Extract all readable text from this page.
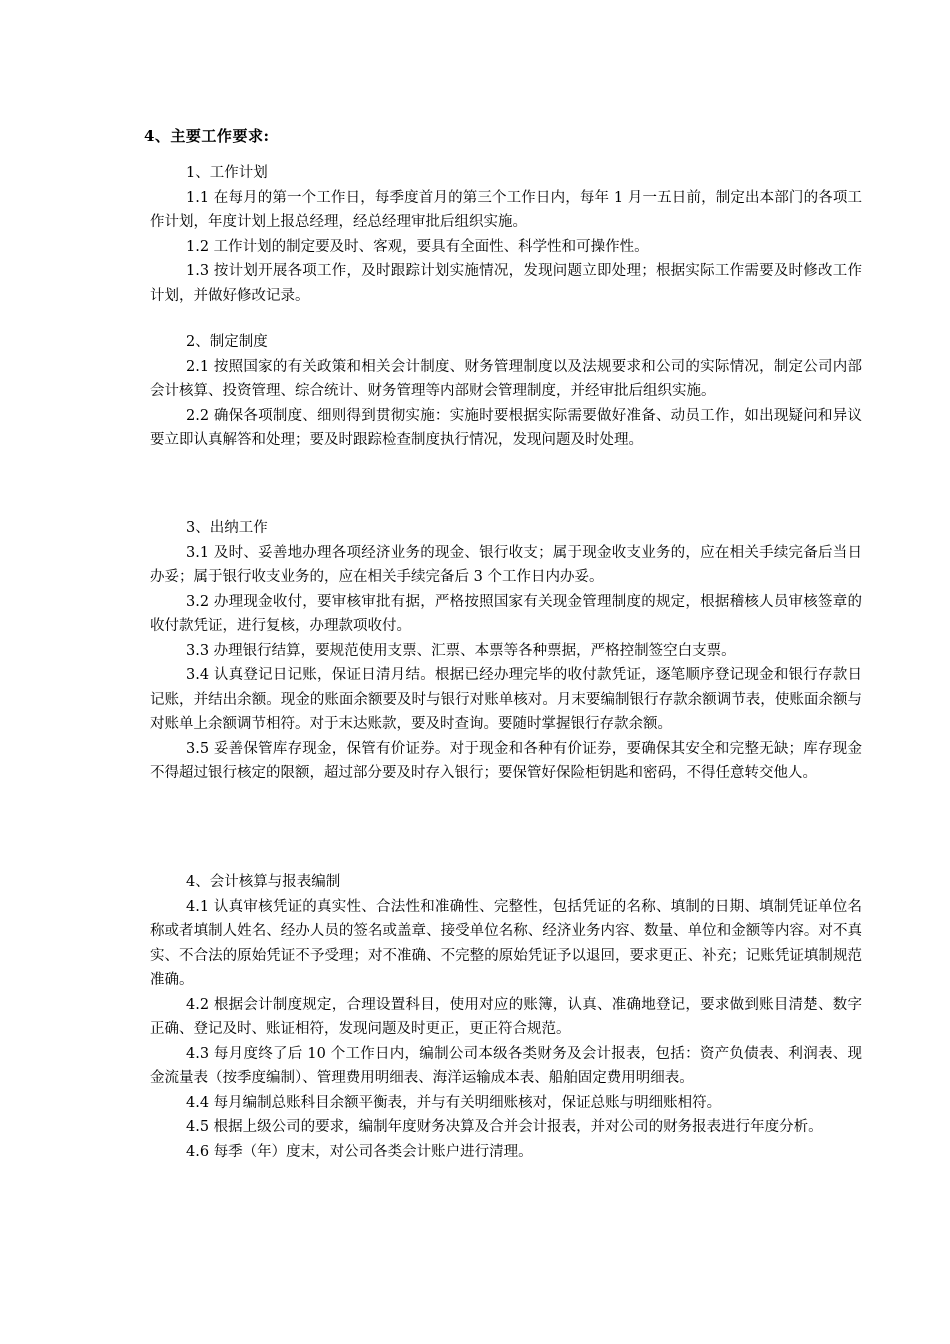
4、主要工作要求:
1、工作计划

1.1 在每月的第一个工作日，每季度首月的第三个工作日内，每年 1 月一五日前，制定出本部门的各项工作计划，年度计划上报总经理，经总经理审批后组织实施。

1.2 工作计划的制定要及时、客观，要具有全面性、科学性和可操作性。

1.3 按计划开展各项工作，及时跟踪计划实施情况，发现问题立即处理；根据实际工作需要及时修改工作计划，并做好修改记录。

2、制定制度

2.1 按照国家的有关政策和相关会计制度、财务管理制度以及法规要求和公司的实际情况，制定公司内部会计核算、投资管理、综合统计、财务管理等内部财会管理制度，并经审批后组织实施。

2.2 确保各项制度、细则得到贯彻实施：实施时要根据实际需要做好准备、动员工作，如出现疑问和异议要立即认真解答和处理；要及时跟踪检查制度执行情况，发现问题及时处理。

3、出纳工作

3.1 及时、妥善地办理各项经济业务的现金、银行收支；属于现金收支业务的，应在相关手续完备后当日办妥；属于银行收支业务的，应在相关手续完备后 3 个工作日内办妥。

3.2 办理现金收付，要审核审批有据，严格按照国家有关现金管理制度的规定，根据稽核人员审核签章的收付款凭证，进行复核，办理款项收付。

3.3 办理银行结算，要规范使用支票、汇票、本票等各种票据，严格控制签空白支票。

3.4 认真登记日记账，保证日清月结。根据已经办理完毕的收付款凭证，逐笔顺序登记现金和银行存款日记账，并结出余额。现金的账面余额要及时与银行对账单核对。月末要编制银行存款余额调节表，使账面余额与对账单上余额调节相符。对于末达账款，要及时查询。要随时掌握银行存款余额。

3.5 妥善保管库存现金，保管有价证券。对于现金和各种有价证券，要确保其安全和完整无缺；库存现金不得超过银行核定的限额，超过部分要及时存入银行；要保管好保险柜钥匙和密码，不得任意转交他人。

4、会计核算与报表编制

4.1 认真审核凭证的真实性、合法性和准确性、完整性，包括凭证的名称、填制的日期、填制凭证单位名称或者填制人姓名、经办人员的签名或盖章、接受单位名称、经济业务内容、数量、单位和金额等内容。对不真实、不合法的原始凭证不予受理；对不准确、不完整的原始凭证予以退回，要求更正、补充；记账凭证填制规范准确。

4.2 根据会计制度规定，合理设置科目，使用对应的账簿，认真、准确地登记，要求做到账目清楚、数字正确、登记及时、账证相符，发现问题及时更正，更正符合规范。

4.3 每月度终了后 10 个工作日内，编制公司本级各类财务及会计报表，包括：资产负债表、利润表、现金流量表（按季度编制）、管理费用明细表、海洋运输成本表、船舶固定费用明细表。

4.4 每月编制总账科目余额平衡表，并与有关明细账核对，保证总账与明细账相符。

4.5 根据上级公司的要求，编制年度财务决算及合并会计报表，并对公司的财务报表进行年度分析。

4.6 每季（年）度末，对公司各类会计账户进行清理。
